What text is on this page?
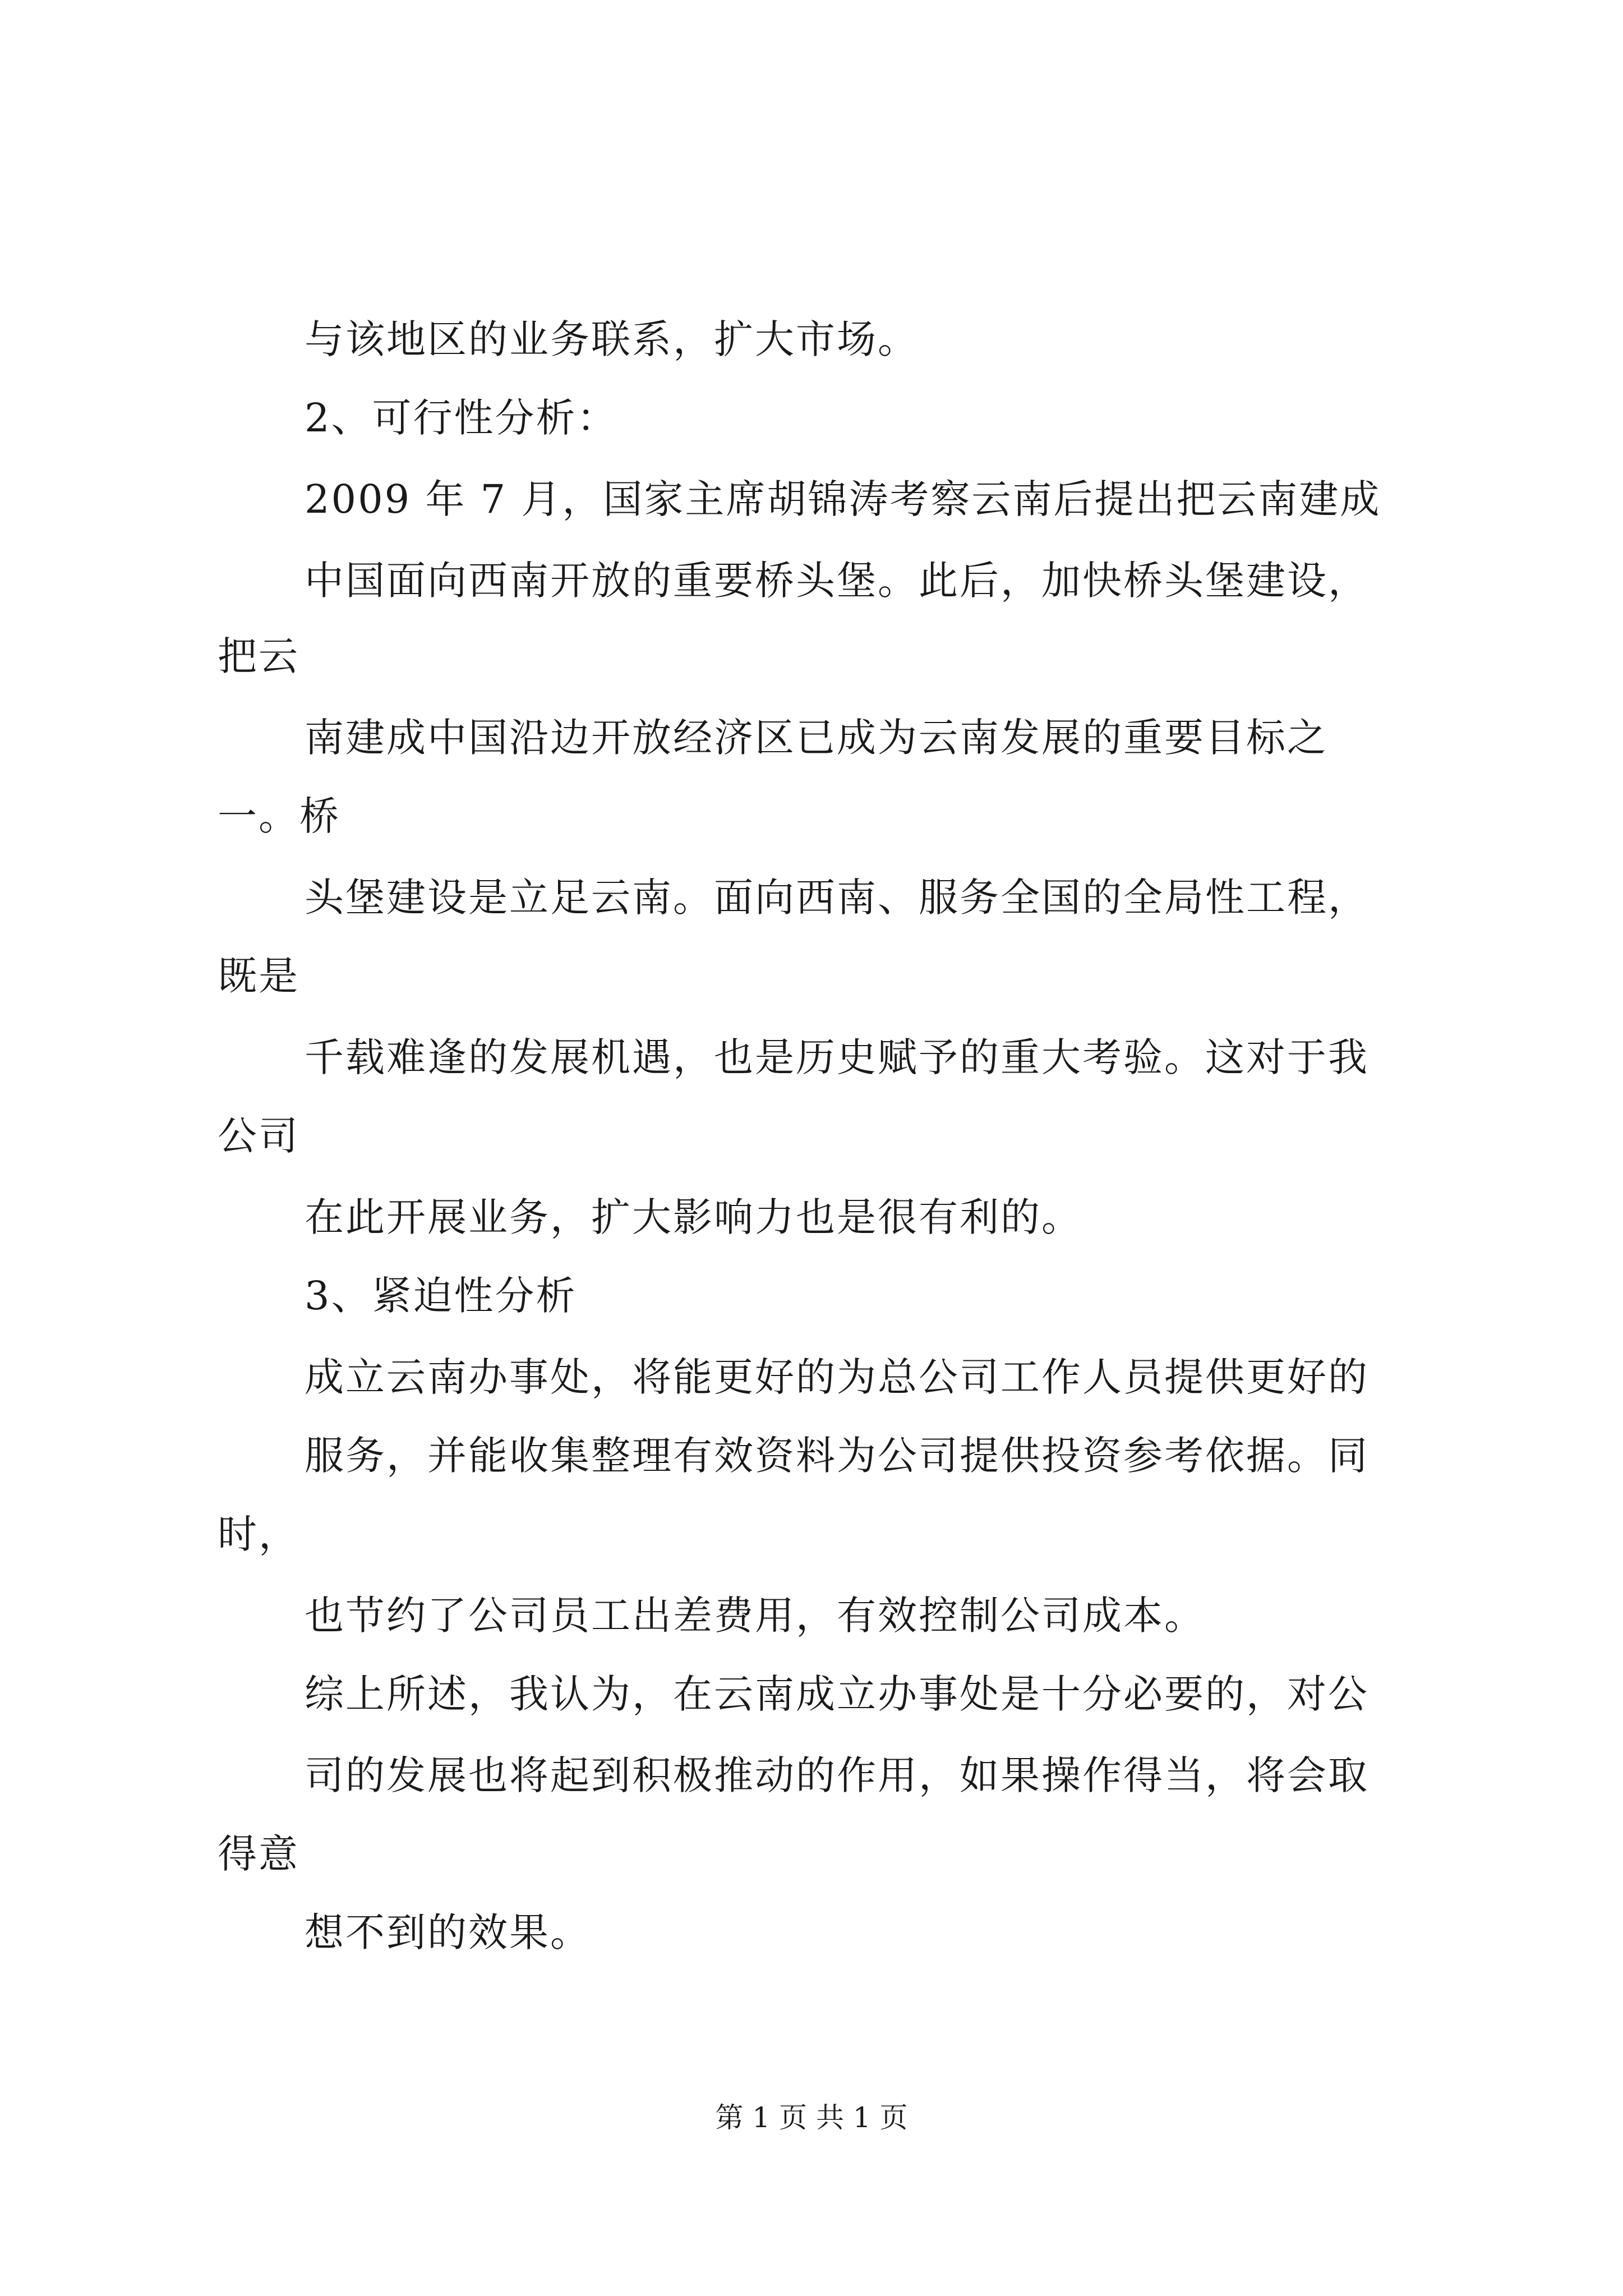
与该地区的业务联系，扩大市场。
2、可行性分析：
2009 年 7 月，国家主席胡锦涛考察云南后提出把云南建成
中国面向西南开放的重要桥头堡。此后，加快桥头堡建设，
把云
南建成中国沿边开放经济区已成为云南发展的重要目标之
一。桥
头堡建设是立足云南。面向西南、服务全国的全局性工程，
既是
千载难逢的发展机遇，也是历史赋予的重大考验。这对于我
公司
在此开展业务，扩大影响力也是很有利的。
3、紧迫性分析
成立云南办事处，将能更好的为总公司工作人员提供更好的
服务，并能收集整理有效资料为公司提供投资参考依据。同
时，
也节约了公司员工出差费用，有效控制公司成本。
综上所述，我认为，在云南成立办事处是十分必要的，对公
司的发展也将起到积极推动的作用，如果操作得当，将会取
得意
想不到的效果。
第 1 页 共 1 页
